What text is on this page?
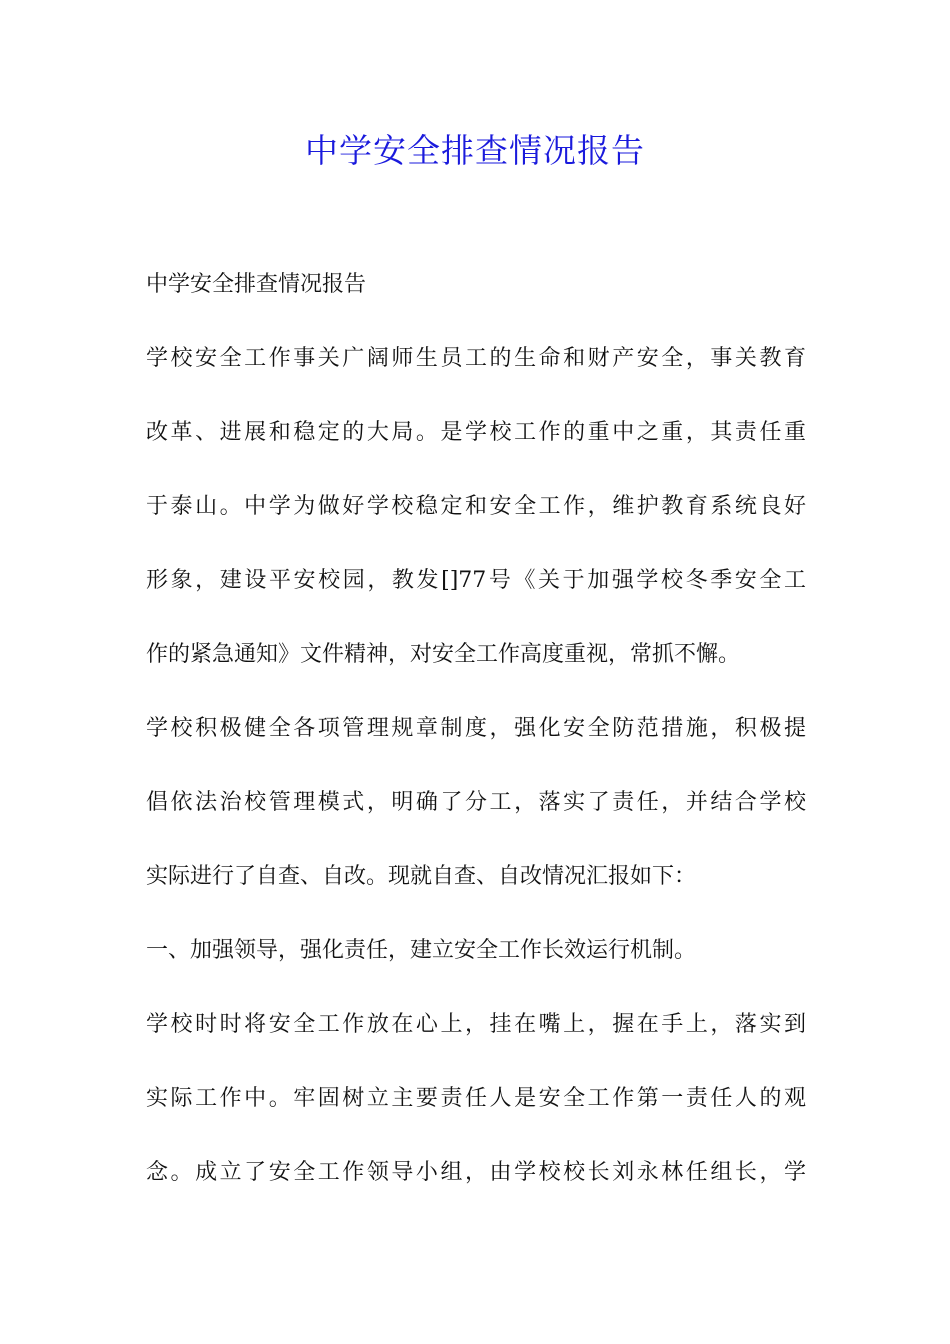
中学安全排查情况报告
中学安全排查情况报告
学校安全工作事关广阔师生员工的生命和财产安全，事关教育
改革、进展和稳定的大局。是学校工作的重中之重，其责任重
于泰山。中学为做好学校稳定和安全工作，维护教育系统良好
形象，建设平安校园，教发[]77号《关于加强学校冬季安全工
作的紧急通知》文件精神，对安全工作高度重视，常抓不懈。
学校积极健全各项管理规章制度，强化安全防范措施，积极提
倡依法治校管理模式，明确了分工，落实了责任，并结合学校
实际进行了自查、自改。现就自查、自改情况汇报如下：
一、加强领导，强化责任，建立安全工作长效运行机制。
学校时时将安全工作放在心上，挂在嘴上，握在手上，落实到
实际工作中。牢固树立主要责任人是安全工作第一责任人的观
念。成立了安全工作领导小组，由学校校长刘永林任组长，学
